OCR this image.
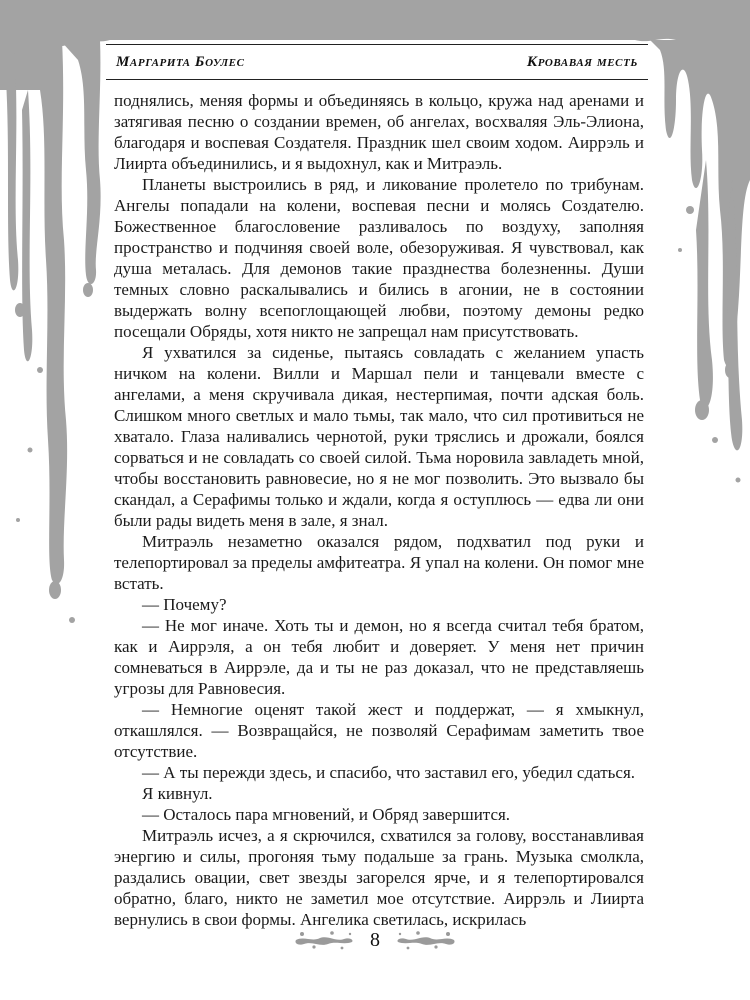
Маргарита Боулес	Кровавая месть

поднялись, меняя формы и объединяясь в кольцо, кружа над аренами и затягивая песню о создании времен, об ангелах, восхваляя Эль-Элиона, благодаря и воспевая Создателя. Праздник шел своим ходом. Аиррэль и Лиирта объединились, и я выдохнул, как и Митраэль.

Планеты выстроились в ряд, и ликование пролетело по трибунам. Ангелы попадали на колени, воспевая песни и молясь Создателю. Божественное благословение разливалось по воздуху, заполняя пространство и подчиняя своей воле, обезоруживая. Я чувствовал, как душа металась. Для демонов такие празднества болезненны. Души темных словно раскалывались и бились в агонии, не в состоянии выдержать волну всепоглощающей любви, поэтому демоны редко посещали Обряды, хотя никто не запрещал нам присутствовать.

Я ухватился за сиденье, пытаясь совладать с желанием упасть ничком на колени. Вилли и Маршал пели и танцевали вместе с ангелами, а меня скручивала дикая, нестерпимая, почти адская боль. Слишком много светлых и мало тьмы, так мало, что сил противиться не хватало. Глаза наливались чернотой, руки тряслись и дрожали, боялся сорваться и не совладать со своей силой. Тьма норовила завладеть мной, чтобы восстановить равновесие, но я не мог позволить. Это вызвало бы скандал, а Серафимы только и ждали, когда я оступлюсь — едва ли они были рады видеть меня в зале, я знал.

Митраэль незаметно оказался рядом, подхватил под руки и телепортировал за пределы амфитеатра. Я упал на колени. Он помог мне встать.

— Почему?

— Не мог иначе. Хоть ты и демон, но я всегда считал тебя братом, как и Аиррэля, а он тебя любит и доверяет. У меня нет причин сомневаться в Аиррэле, да и ты не раз доказал, что не представляешь угрозы для Равновесия.

— Немногие оценят такой жест и поддержат, — я хмыкнул, откашлялся. — Возвращайся, не позволяй Серафимам заметить твое отсутствие.

— А ты пережди здесь, и спасибо, что заставил его, убедил сдаться.

Я кивнул.

— Осталось пара мгновений, и Обряд завершится.

Митраэль исчез, а я скрючился, схватился за голову, восстанавливая энергию и силы, прогоняя тьму подальше за грань. Музыка смолкла, раздались овации, свет звезды загорелся ярче, и я телепортировался обратно, благо, никто не заметил мое отсутствие. Аиррэль и Лиирта вернулись в свои формы. Ангелика светилась, искрилась

8
